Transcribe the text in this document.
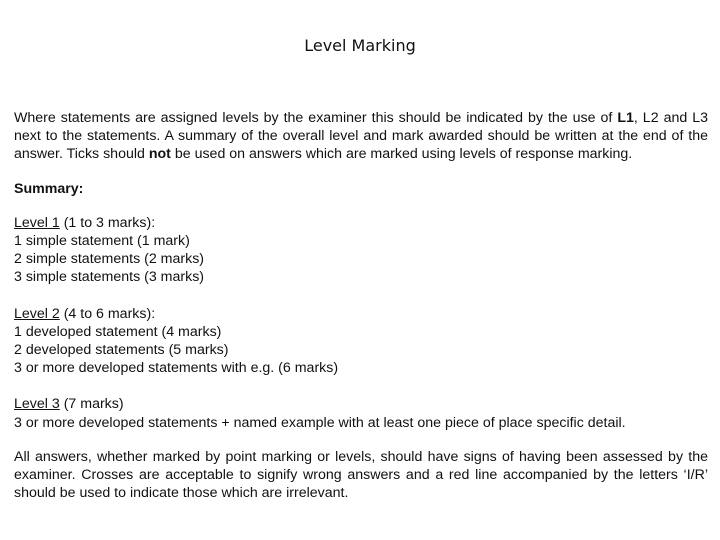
Level Marking

Where statements are assigned levels by the examiner this should be indicated by the use of L1, L2 and L3 next to the statements. A summary of the overall level and mark awarded should be written at the end of the answer. Ticks should not be used on answers which are marked using levels of response marking.

Summary:
Level 1 (1 to 3 marks):
1 simple statement (1 mark)
2 simple statements (2 marks)
3 simple statements (3 marks)
Level 2 (4 to 6 marks):
1 developed statement (4 marks)
2 developed statements (5 marks)
3 or more developed statements with e.g. (6 marks)
Level 3 (7 marks)
3 or more developed statements + named example with at least one piece of place specific detail.

All answers, whether marked by point marking or levels, should have signs of having been assessed by the examiner. Crosses are acceptable to signify wrong answers and a red line accompanied by the letters ‘I/R’ should be used to indicate those which are irrelevant.
